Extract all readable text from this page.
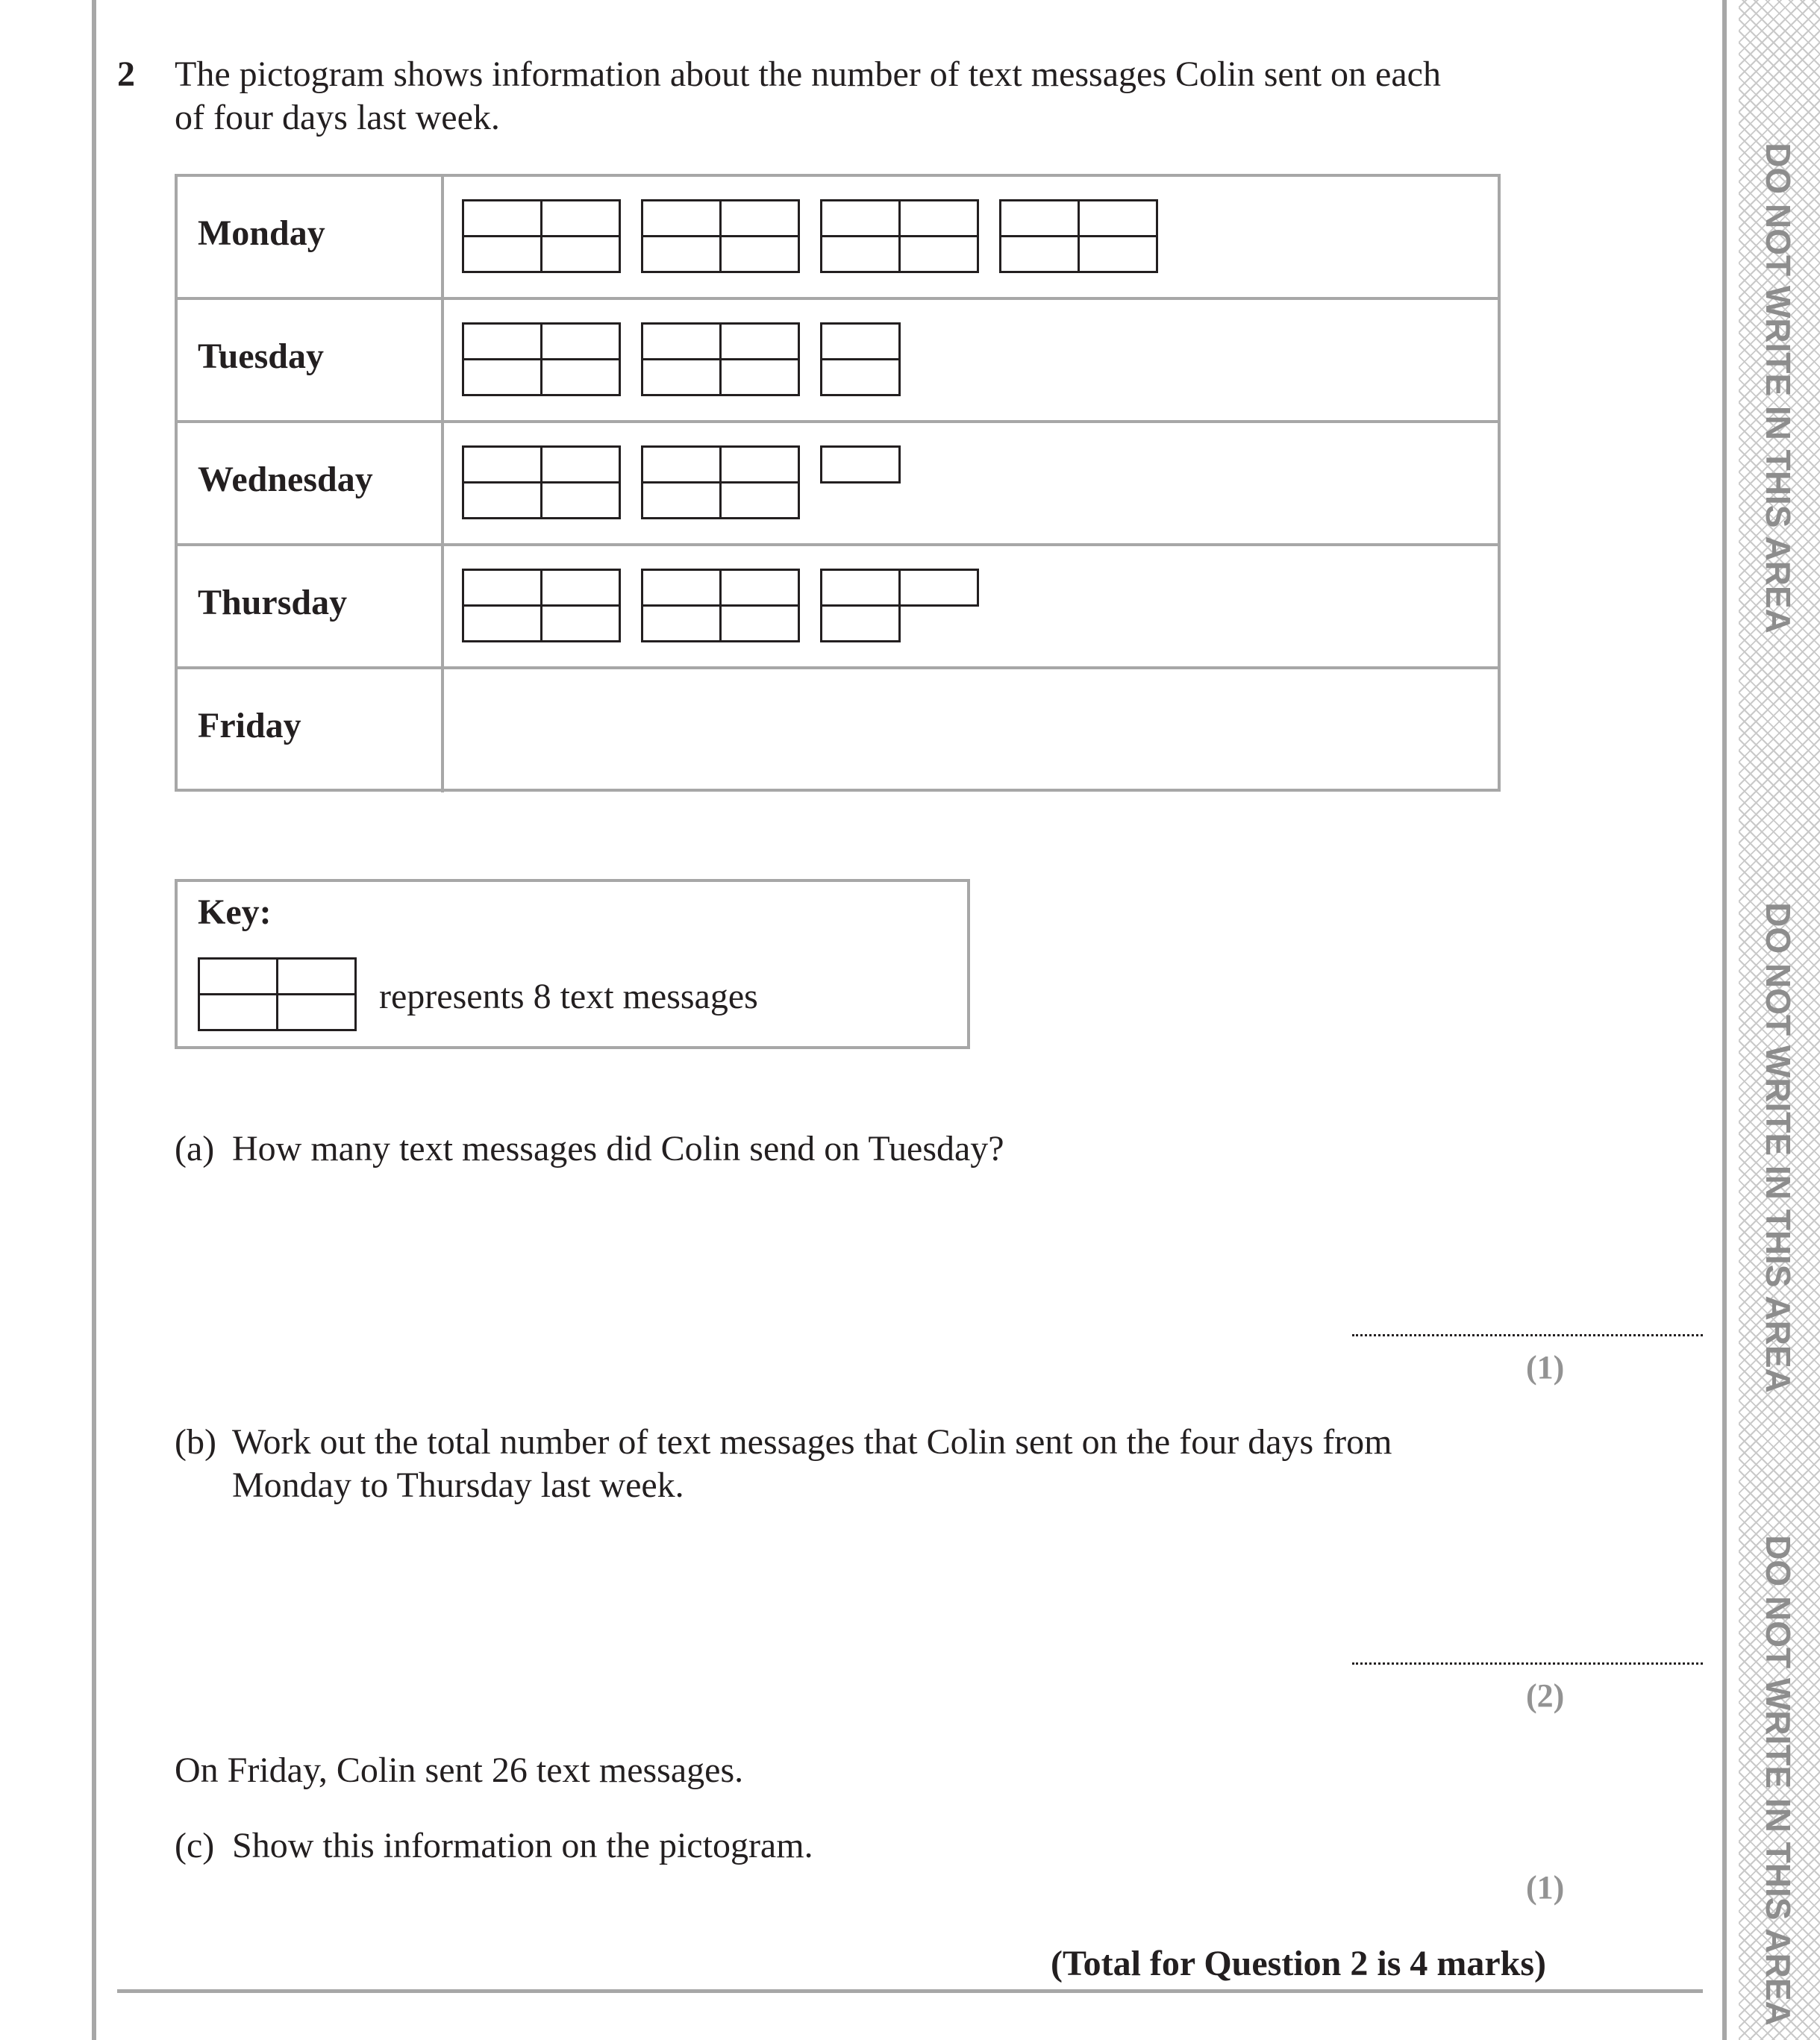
DO NOT WRITE IN THIS AREA
DO NOT WRITE IN THIS AREA
DO NOT WRITE IN THIS AREA
2 The pictogram shows information about the number of text messages Colin sent on each
of four days last week.
Monday
Tuesday
Wednesday
Thursday
Friday
Key:
represents 8 text messages
(a) How many text messages did Colin send on Tuesday?
(1)
(b) Work out the total number of text messages that Colin sent on the four days from
Monday to Thursday last week.
(2)
On Friday, Colin sent 26 text messages.
(c) Show this information on the pictogram.
(1)
(Total for Question 2 is 4 marks)
